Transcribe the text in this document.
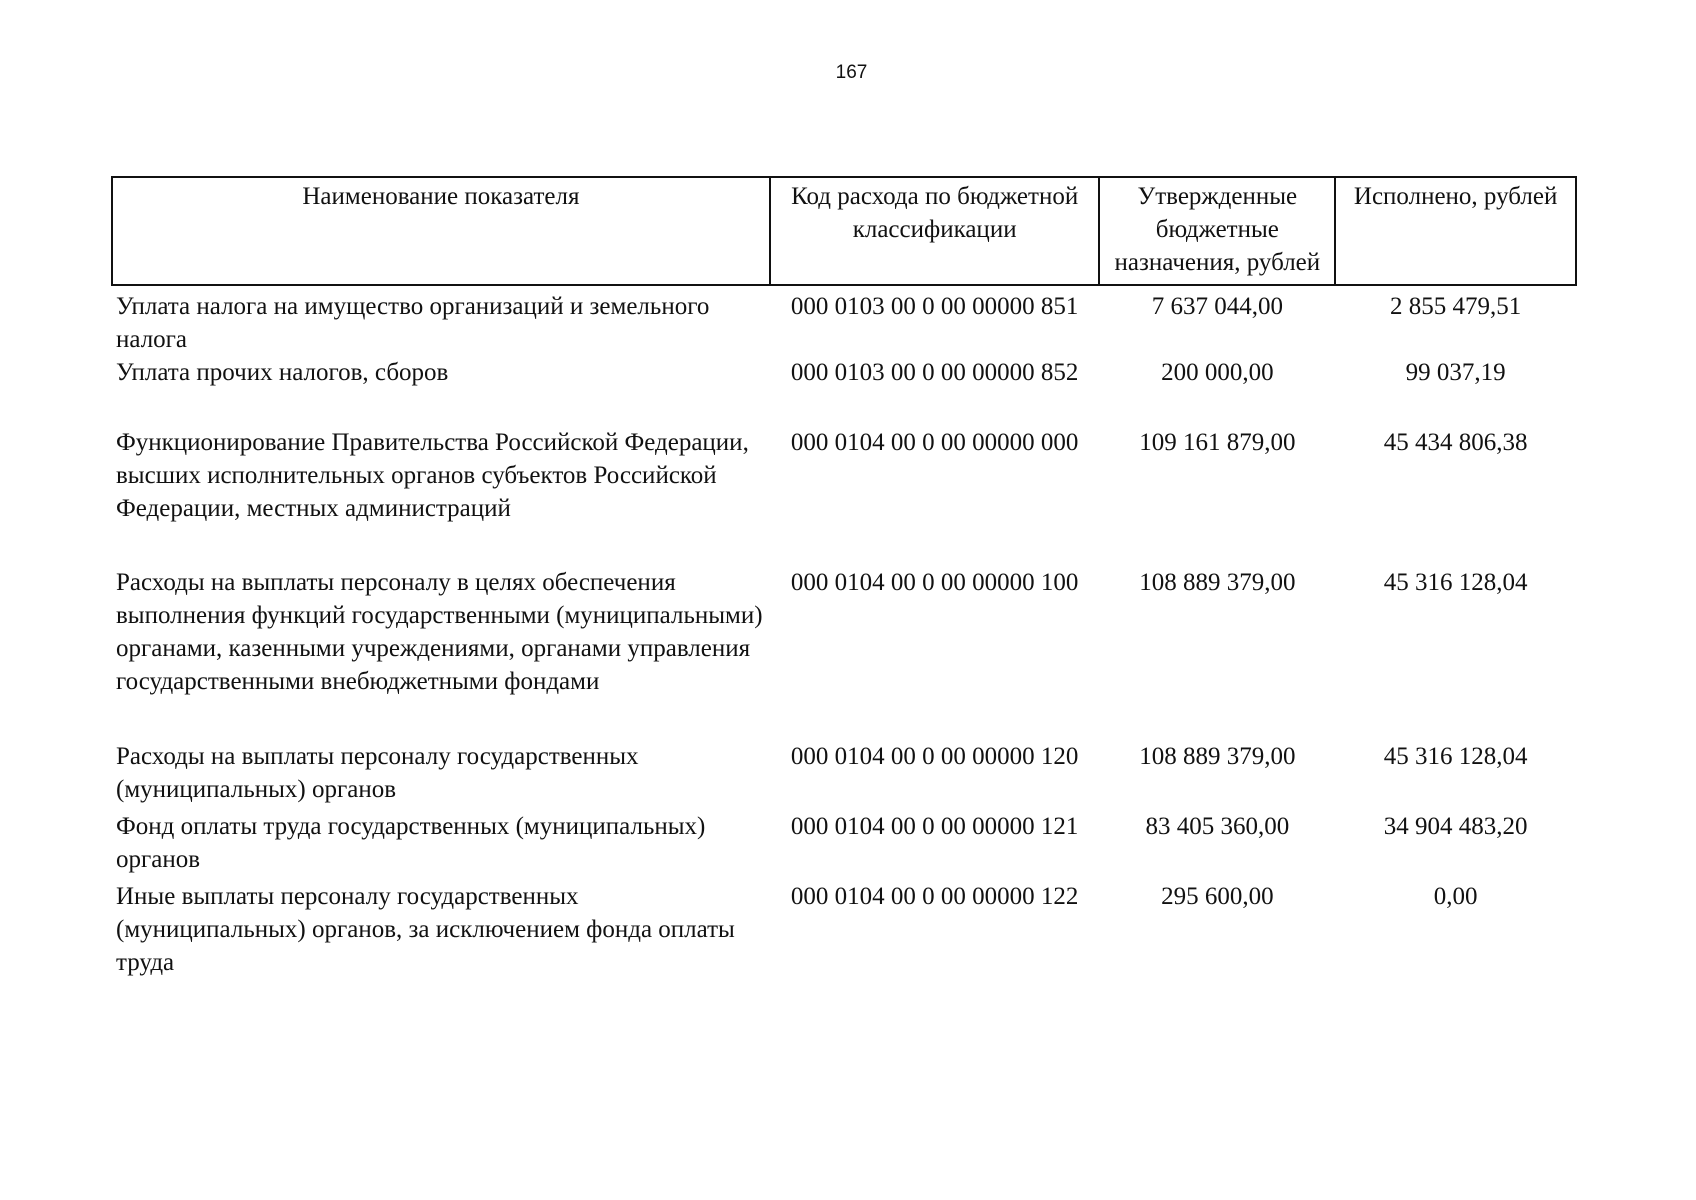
167
Наименование показателя	Код расхода по бюджетной классификации	Утвержденные бюджетные назначения, рублей	Исполнено, рублей
Уплата налога на имущество организаций и земельного налога	000 0103 00 0 00 00000 851	7 637 044,00	2 855 479,51
Уплата прочих налогов, сборов	000 0103 00 0 00 00000 852	200 000,00	99 037,19
Функционирование Правительства Российской Федерации, высших исполнительных органов субъектов Российской Федерации, местных администраций	000 0104 00 0 00 00000 000	109 161 879,00	45 434 806,38
Расходы на выплаты персоналу в целях обеспечения выполнения функций государственными (муниципальными) органами, казенными учреждениями, органами управления государственными внебюджетными фондами	000 0104 00 0 00 00000 100	108 889 379,00	45 316 128,04
Расходы на выплаты персоналу государственных (муниципальных) органов	000 0104 00 0 00 00000 120	108 889 379,00	45 316 128,04
Фонд оплаты труда государственных (муниципальных) органов	000 0104 00 0 00 00000 121	83 405 360,00	34 904 483,20
Иные выплаты персоналу государственных (муниципальных) органов, за исключением фонда оплаты труда	000 0104 00 0 00 00000 122	295 600,00	0,00
